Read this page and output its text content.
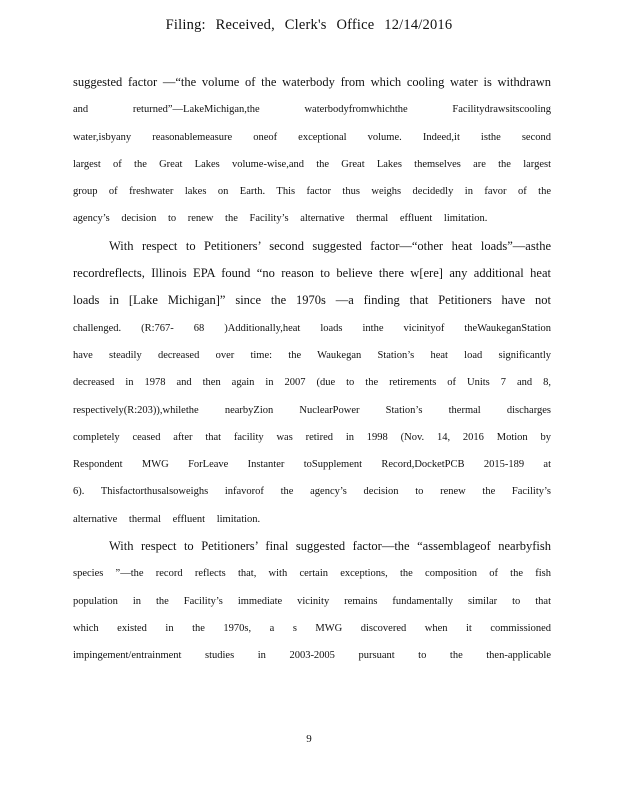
Filing: Received, Clerk's Office 12/14/2016
suggested factor —“the volume of the waterbody from which cooling water is withdrawn
and returned”—LakeMichigan,the waterbodyfromwhichthe Facilitydrawsitscooling
water,isbyany reasonablemeasure oneof exceptional volume. Indeed,it isthe second
largest of the Great Lakes volume-wise,and the Great Lakes themselves are the largest
group of freshwater lakes on Earth. This factor thus weighs decidedly in favor of the
agency’s decision to renew the Facility’s alternative thermal effluent limitation.
With respect to Petitioners’ second suggested factor—“other heat loads”—asthe
recordreflects, Illinois EPA found “no reason to believe there w[ere] any additional heat
loads in [Lake Michigan]” since the 1970s —a finding that Petitioners have not
challenged. (R:767- 68 )Additionally,heat loads inthe vicinityof theWaukeganStation
have steadily decreased over time: the Waukegan Station’s heat load significantly
decreased in 1978 and then again in 2007 (due to the retirements of Units 7 and 8,
respectively(R:203)),whilethe nearbyZion NuclearPower Station’s thermal discharges
completely ceased after that facility was retired in 1998 (Nov. 14, 2016 Motion by
Respondent MWG ForLeave Instanter toSupplement Record,DocketPCB 2015-189 at
6). Thisfactorthusalsoweighs infavorof the agency’s decision to renew the Facility’s
alternative thermal effluent limitation.
With respect to Petitioners’ final suggested factor—the “assemblageof nearbyfish
species ”—the record reflects that, with certain exceptions, the composition of the fish
population in the Facility’s immediate vicinity remains fundamentally similar to that
which existed in the 1970s, a s MWG discovered when it commissioned
impingement/entrainment studies in 2003-2005 pursuant to the then-applicable
9
